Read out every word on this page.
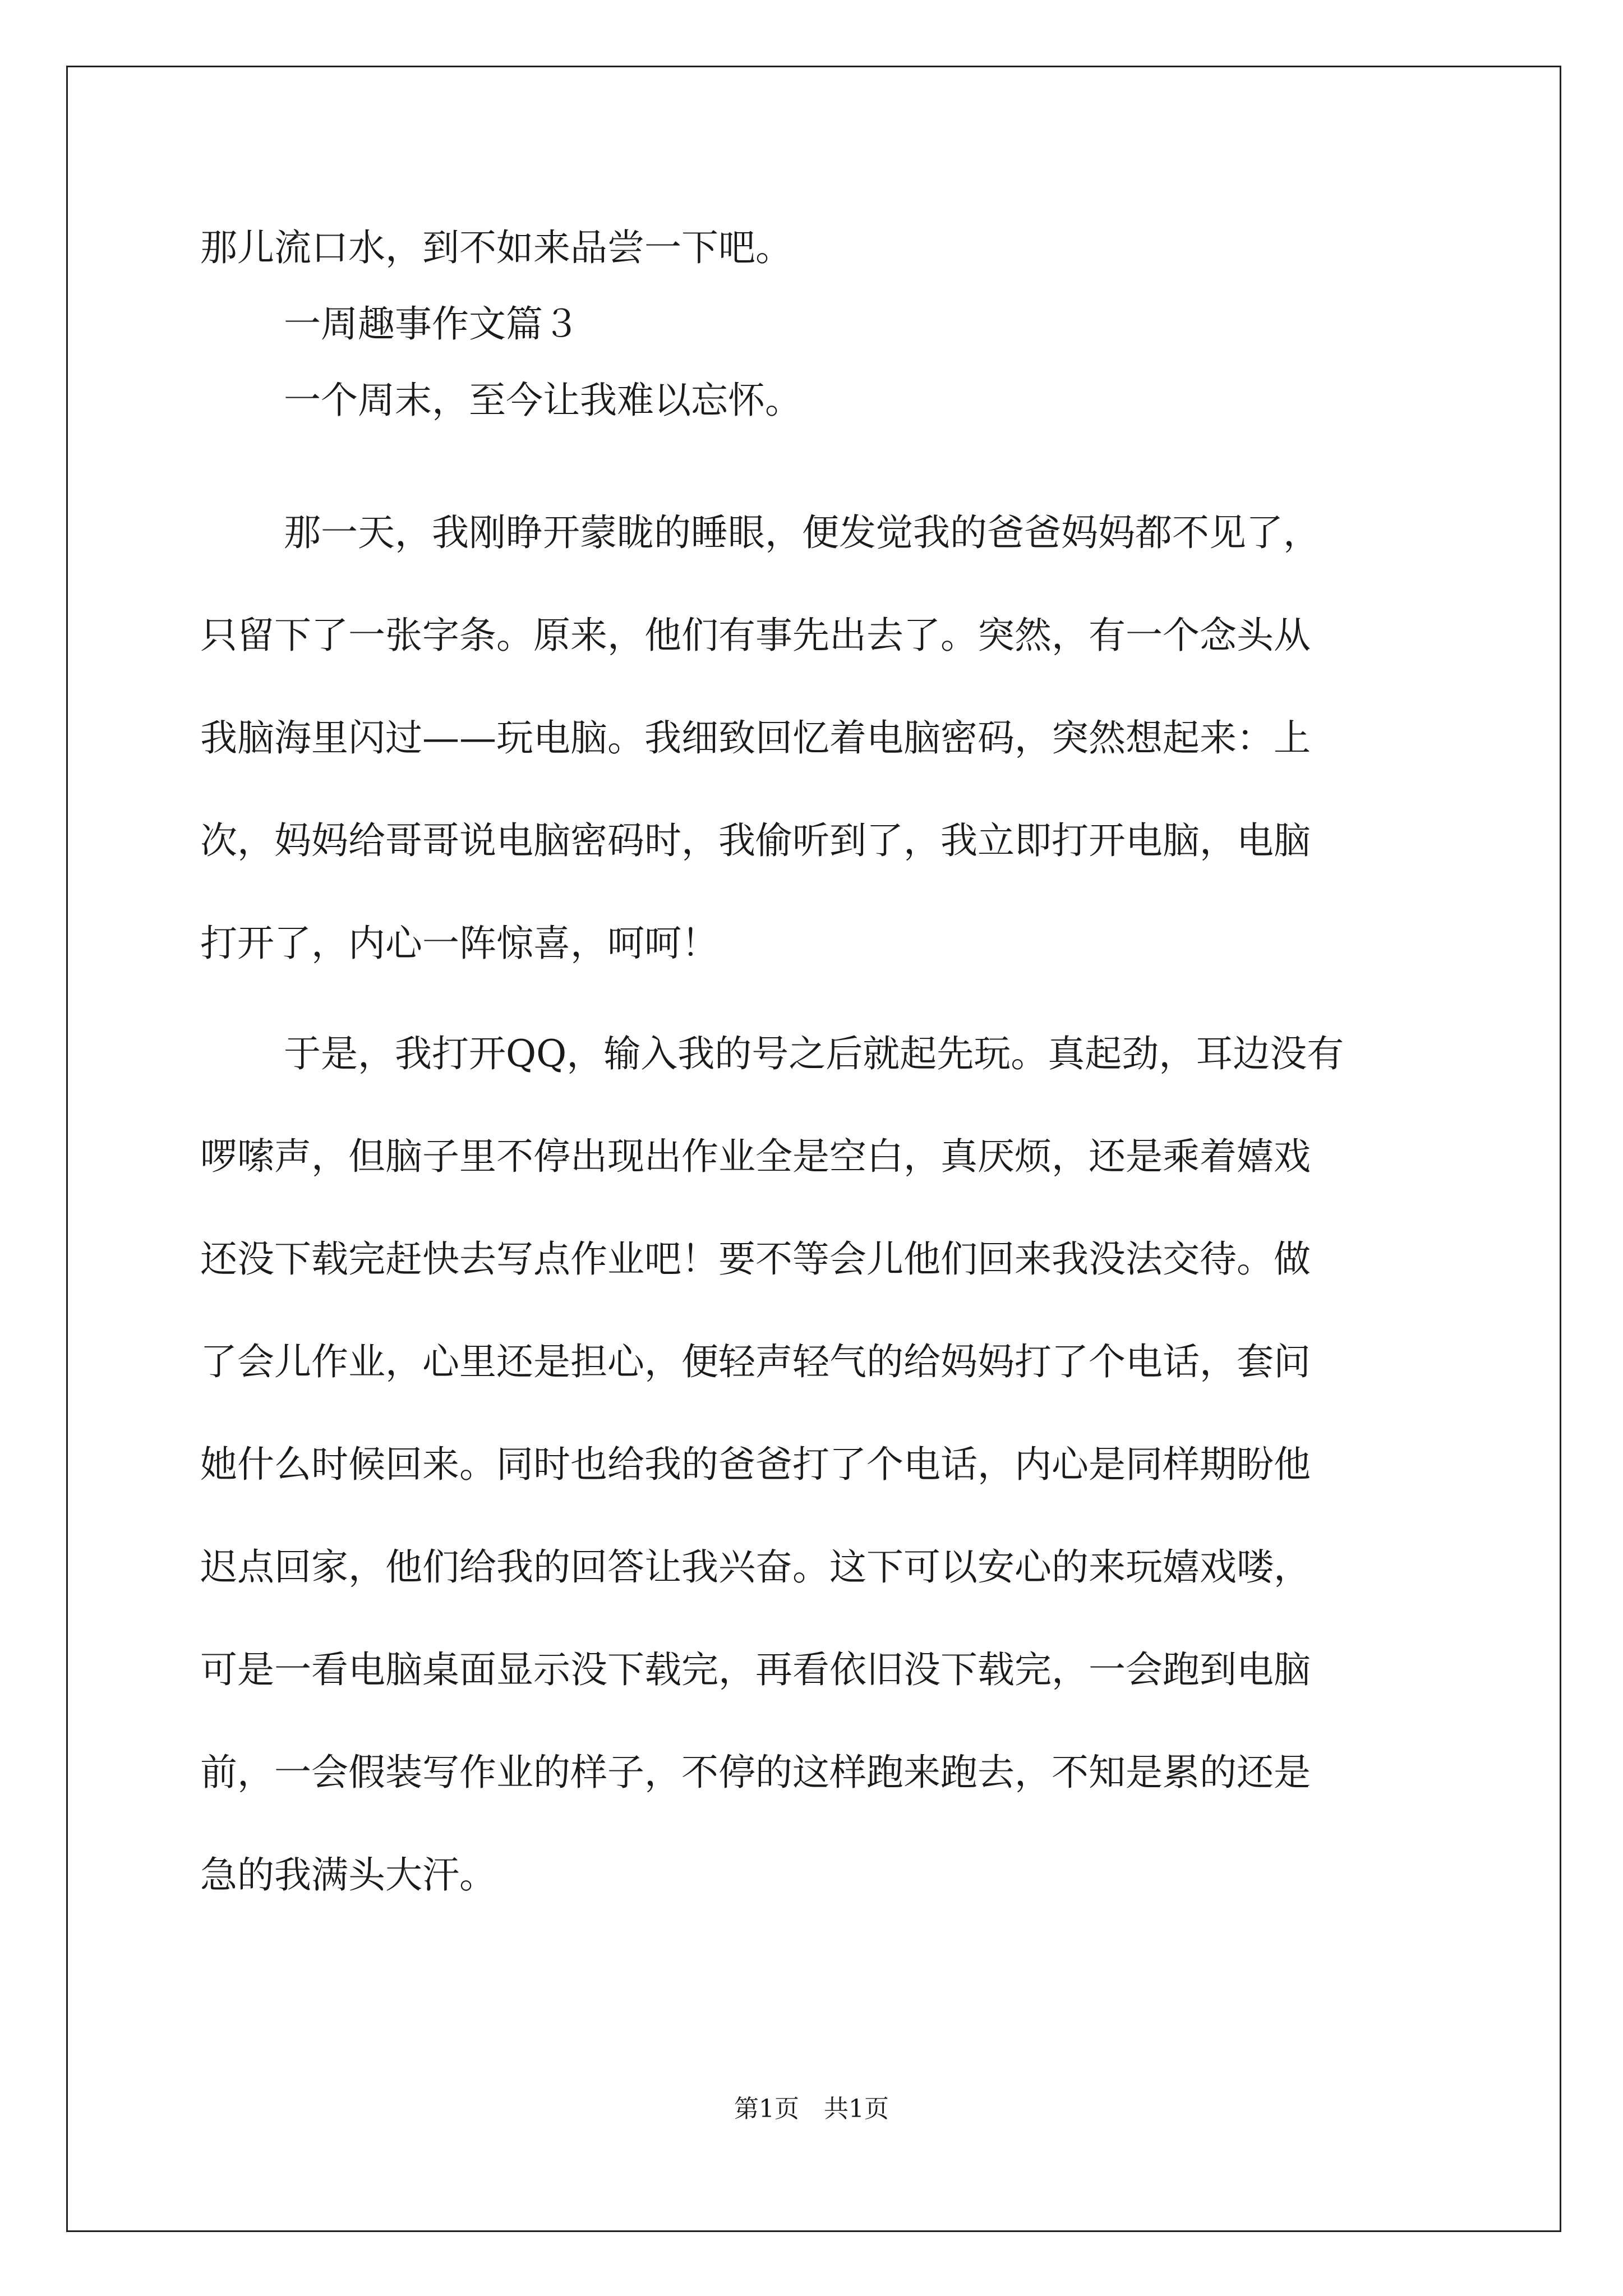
那儿流口水，到不如来品尝一下吧。
一周趣事作文篇３
一个周末，至今让我难以忘怀。
那一天，我刚睁开蒙眬的睡眼，便发觉我的爸爸妈妈都不见了，
只留下了一张字条。原来，他们有事先出去了。突然，有一个念头从
我脑海里闪过——玩电脑。我细致回忆着电脑密码，突然想起来：上
次，妈妈给哥哥说电脑密码时，我偷听到了，我立即打开电脑，电脑
打开了，内心一阵惊喜，呵呵！
于是，我打开QQ，输入我的号之后就起先玩。真起劲，耳边没有
啰嗦声，但脑子里不停出现出作业全是空白，真厌烦，还是乘着嬉戏
还没下载完赶快去写点作业吧！要不等会儿他们回来我没法交待。做
了会儿作业，心里还是担心，便轻声轻气的给妈妈打了个电话，套问
她什么时候回来。同时也给我的爸爸打了个电话，内心是同样期盼他
迟点回家，他们给我的回答让我兴奋。这下可以安心的来玩嬉戏喽，
可是一看电脑桌面显示没下载完，再看依旧没下载完，一会跑到电脑
前，一会假装写作业的样子，不停的这样跑来跑去，不知是累的还是
急的我满头大汗。
第1页　共1页
